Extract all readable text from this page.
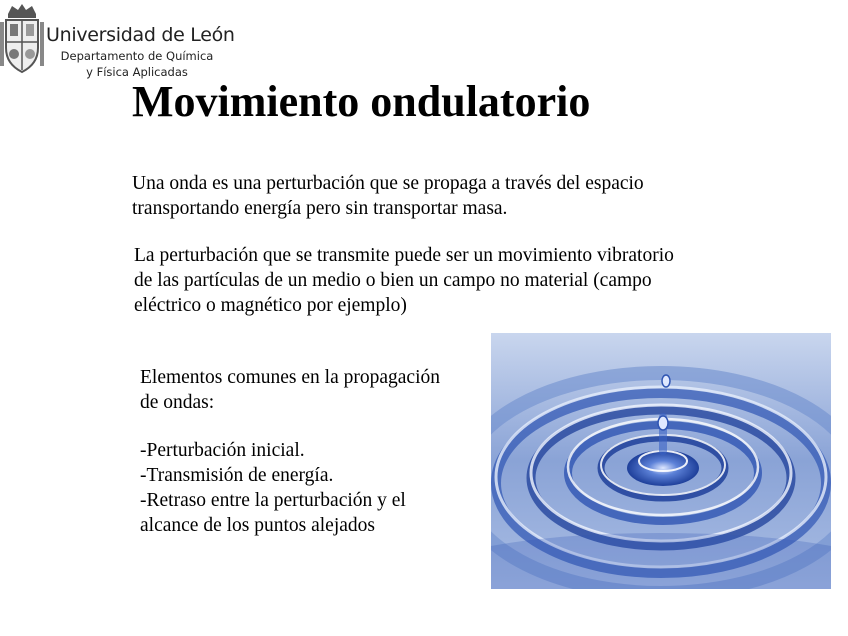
Universidad de León

Departamento de Química
y Física Aplicadas

Movimiento ondulatorio

Una onda es una perturbación que se propaga a través del espacio transportando energía pero sin transportar masa.

La perturbación que se transmite puede ser un movimiento vibratorio de las partículas de un medio o bien un campo no material (campo eléctrico o magnético por ejemplo)

Elementos comunes en la propagación de ondas:

-Perturbación inicial.
-Transmisión de energía.
-Retraso entre la perturbación y el alcance de los puntos alejados
